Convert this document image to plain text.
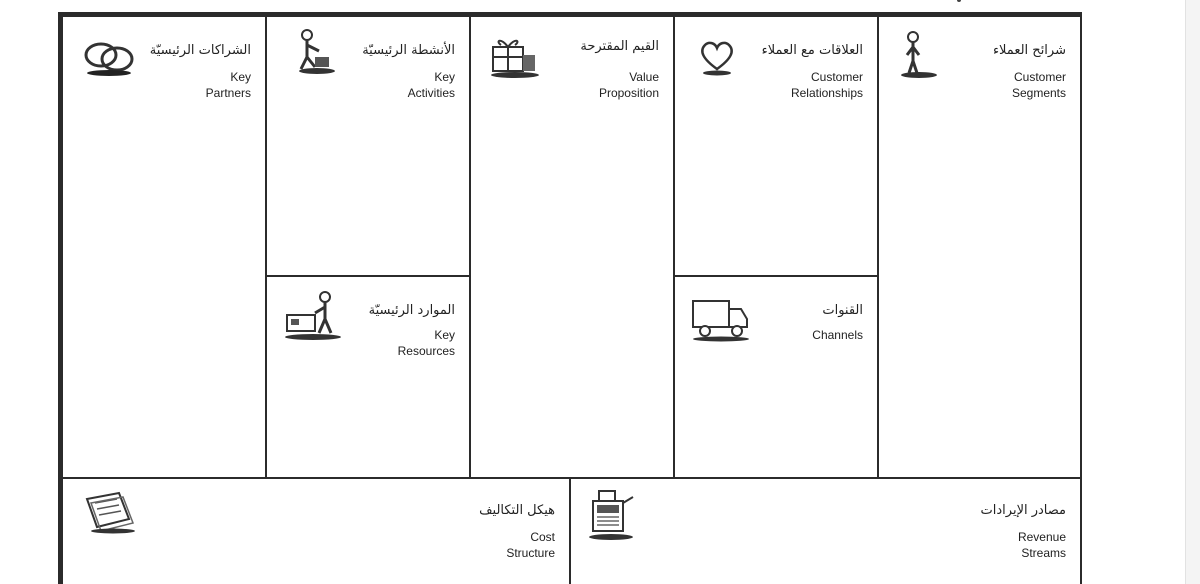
الشراكات الرئيسيّة
Key
Partners
الأنشطة الرئيسيّة
Key
Activities
الموارد الرئيسيّة
Key
Resources
القيم المقترحة
Value
Proposition
العلاقات مع العملاء
Customer
Relationships
القنوات
Channels
شرائح العملاء
Customer
Segments
هيكل التكاليف
Cost
Structure
مصادر الإيرادات
Revenue
Streams
